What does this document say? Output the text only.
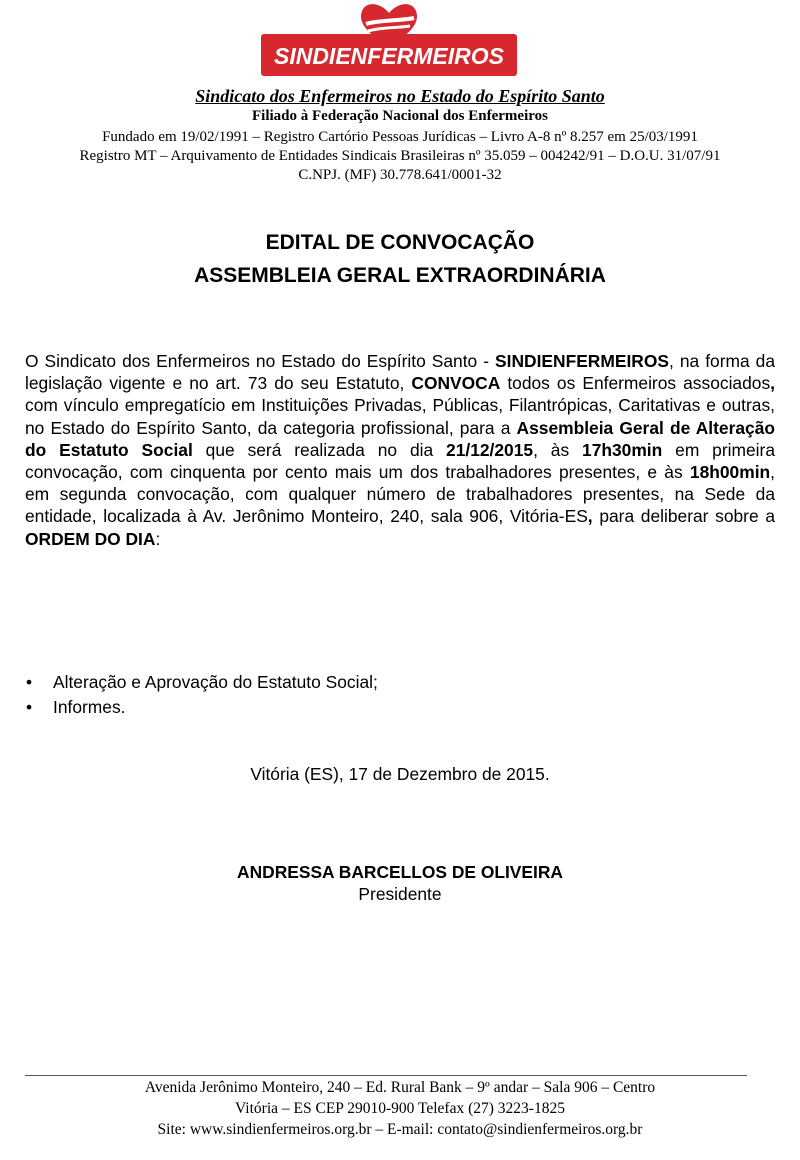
SINDIENFERMEIROS
Sindicato dos Enfermeiros no Estado do Espírito Santo
Filiado à Federação Nacional dos Enfermeiros
Fundado em 19/02/1991 – Registro Cartório Pessoas Jurídicas – Livro A-8 nº 8.257 em 25/03/1991
Registro MT – Arquivamento de Entidades Sindicais Brasileiras nº 35.059 – 004242/91 – D.O.U. 31/07/91
C.NPJ. (MF) 30.778.641/0001-32
EDITAL DE CONVOCAÇÃO
ASSEMBLEIA GERAL EXTRAORDINÁRIA

O Sindicato dos Enfermeiros no Estado do Espírito Santo - SINDIENFERMEIROS, na forma da legislação vigente e no art. 73 do seu Estatuto, CONVOCA todos os Enfermeiros associados, com vínculo empregatício em Instituições Privadas, Públicas, Filantrópicas, Caritativas e outras, no Estado do Espírito Santo, da categoria profissional, para a Assembleia Geral de Alteração do Estatuto Social que será realizada no dia 21/12/2015, às 17h30min em primeira convocação, com cinquenta por cento mais um dos trabalhadores presentes, e às 18h00min, em segunda convocação, com qualquer número de trabalhadores presentes, na Sede da entidade, localizada à Av. Jerônimo Monteiro, 240, sala 906, Vitória-ES, para deliberar sobre a ORDEM DO DIA:

• Alteração e Aprovação do Estatuto Social;
• Informes.
Vitória (ES), 17 de Dezembro de 2015.
ANDRESSA BARCELLOS DE OLIVEIRA
Presidente
Avenida Jerônimo Monteiro, 240 – Ed. Rural Bank – 9º andar – Sala 906 – Centro
Vitória – ES CEP 29010-900 Telefax (27) 3223-1825
Site: www.sindienfermeiros.org.br – E-mail: contato@sindienfermeiros.org.br
